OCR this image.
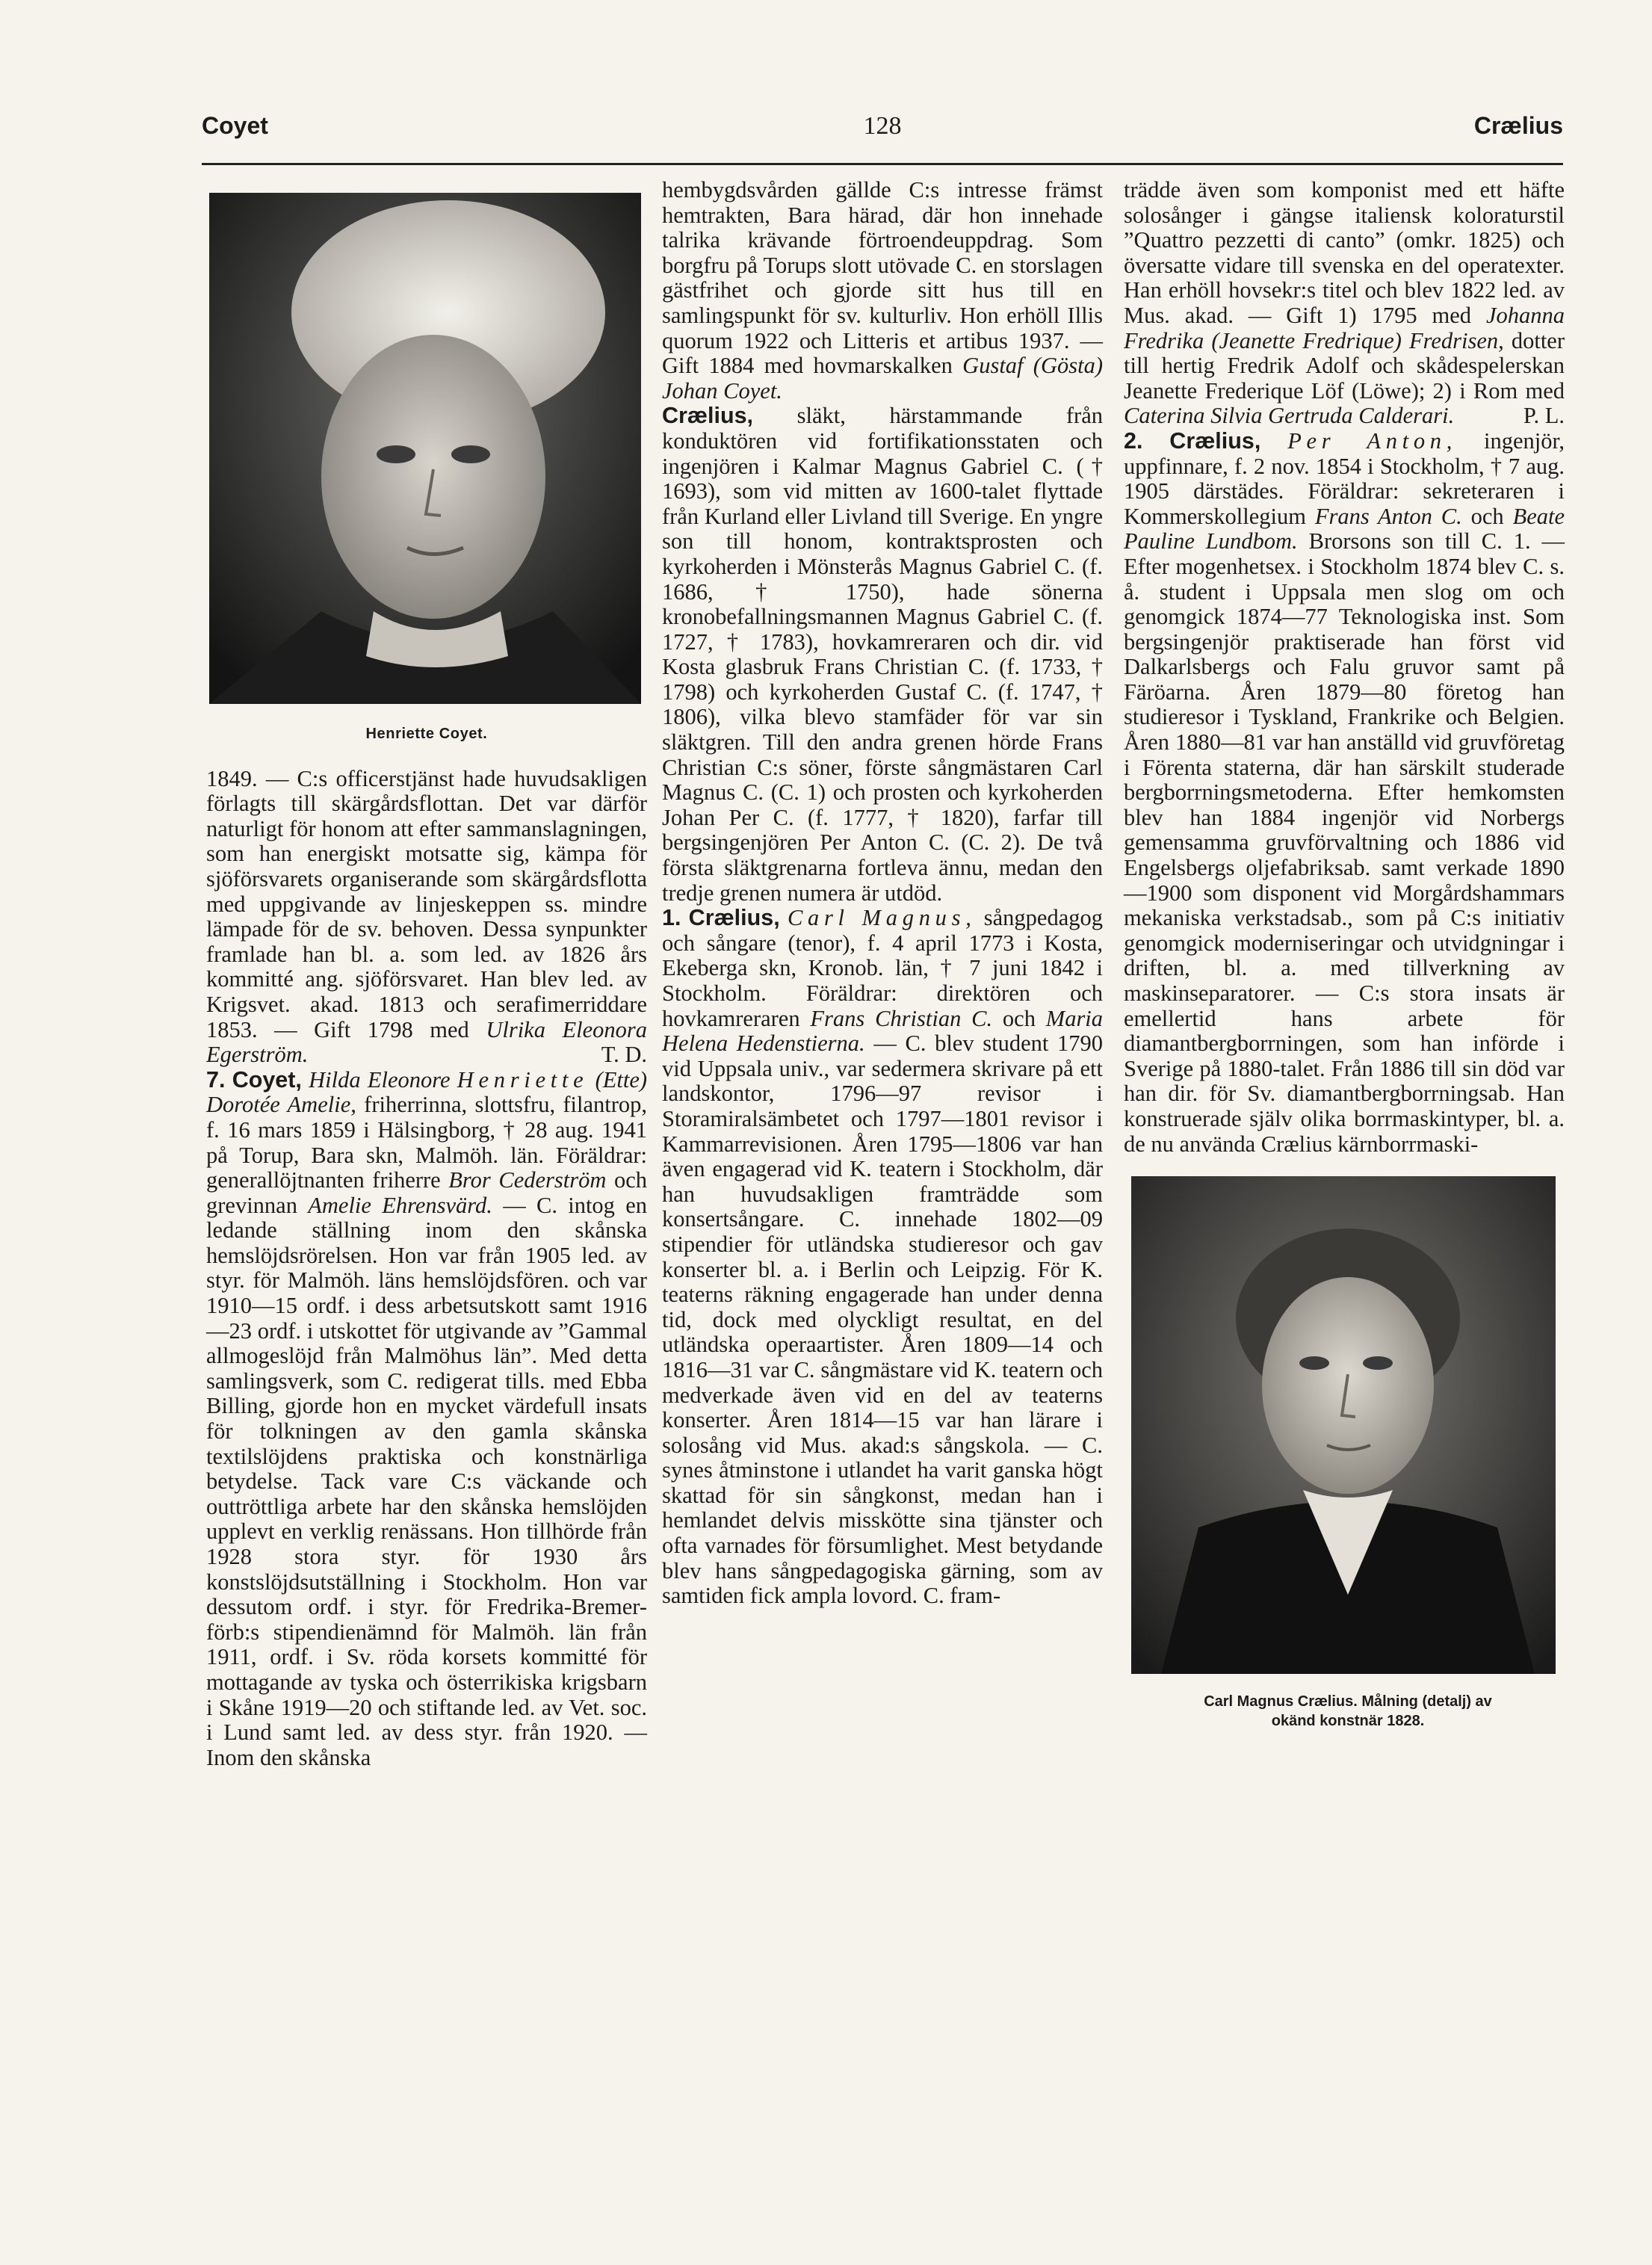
Coyet	128	Crælius
Henriette Coyet.

1849. — C:s officerstjänst hade huvudsakligen förlagts till skärgårdsflottan. Det var därför naturligt för honom att efter sammanslagningen, som han energiskt motsatte sig, kämpa för sjöförsvarets organiserande som skärgårdsflotta med uppgivande av linjeskeppen ss. mindre lämpade för de sv. behoven. Dessa synpunkter framlade han bl. a. som led. av 1826 års kommitté ang. sjöförsvaret. Han blev led. av Krigsvet. akad. 1813 och serafimerriddare 1853. — Gift 1798 med Ulrika Eleonora Egerström.	T. D.

7. Coyet, Hilda Eleonore Henriette (Ette) Dorotée Amelie, friherrinna, slottsfru, filantrop, f. 16 mars 1859 i Hälsingborg, † 28 aug. 1941 på Torup, Bara skn, Malmöh. län. Föräldrar: generallöjtnanten friherre Bror Cederström och grevinnan Amelie Ehrensvärd. — C. intog en ledande ställning inom den skånska hemslöjdsrörelsen. Hon var från 1905 led. av styr. för Malmöh. läns hemslöjdsfören. och var 1910—15 ordf. i dess arbetsutskott samt 1916—23 ordf. i utskottet för utgivande av ”Gammal allmogeslöjd från Malmöhus län”. Med detta samlingsverk, som C. redigerat tills. med Ebba Billing, gjorde hon en mycket värdefull insats för tolkningen av den gamla skånska textilslöjdens praktiska och konstnärliga betydelse. Tack vare C:s väckande och outtröttliga arbete har den skånska hemslöjden upplevt en verklig renässans. Hon tillhörde från 1928 stora styr. för 1930 års konstslöjdsutställning i Stockholm. Hon var dessutom ordf. i styr. för Fredrika-Bremer-förb:s stipendienämnd för Malmöh. län från 1911, ordf. i Sv. röda korsets kommitté för mottagande av tyska och österrikiska krigsbarn i Skåne 1919—20 och stiftande led. av Vet. soc. i Lund samt led. av dess styr. från 1920. — Inom den skånska

hembygdsvården gällde C:s intresse främst hemtrakten, Bara härad, där hon innehade talrika krävande förtroendeuppdrag. Som borgfru på Torups slott utövade C. en storslagen gästfrihet och gjorde sitt hus till en samlingspunkt för sv. kulturliv. Hon erhöll Illis quorum 1922 och Litteris et artibus 1937. — Gift 1884 med hovmarskalken Gustaf (Gösta) Johan Coyet.

Crælius, släkt, härstammande från konduktören vid fortifikationsstaten och ingenjören i Kalmar Magnus Gabriel C. († 1693), som vid mitten av 1600-talet flyttade från Kurland eller Livland till Sverige. En yngre son till honom, kontraktsprosten och kyrkoherden i Mönsterås Magnus Gabriel C. (f. 1686, † 1750), hade sönerna kronobefallningsmannen Magnus Gabriel C. (f. 1727, † 1783), hovkamreraren och dir. vid Kosta glasbruk Frans Christian C. (f. 1733, † 1798) och kyrkoherden Gustaf C. (f. 1747, † 1806), vilka blevo stamfäder för var sin släktgren. Till den andra grenen hörde Frans Christian C:s söner, förste sångmästaren Carl Magnus C. (C. 1) och prosten och kyrkoherden Johan Per C. (f. 1777, † 1820), farfar till bergsingenjören Per Anton C. (C. 2). De två första släktgrenarna fortleva ännu, medan den tredje grenen numera är utdöd.

1. Crælius, Carl Magnus, sångpedagog och sångare (tenor), f. 4 april 1773 i Kosta, Ekeberga skn, Kronob. län, † 7 juni 1842 i Stockholm. Föräldrar: direktören och hovkamreraren Frans Christian C. och Maria Helena Hedenstierna. — C. blev student 1790 vid Uppsala univ., var sedermera skrivare på ett landskontor, 1796—97 revisor i Storamiralsämbetet och 1797—1801 revisor i Kammarrevisionen. Åren 1795—1806 var han även engagerad vid K. teatern i Stockholm, där han huvudsakligen framträdde som konsertsångare. C. innehade 1802—09 stipendier för utländska studieresor och gav konserter bl. a. i Berlin och Leipzig. För K. teaterns räkning engagerade han under denna tid, dock med olyckligt resultat, en del utländska operaartister. Åren 1809—14 och 1816—31 var C. sångmästare vid K. teatern och medverkade även vid en del av teaterns konserter. Åren 1814—15 var han lärare i solosång vid Mus. akad:s sångskola. — C. synes åtminstone i utlandet ha varit ganska högt skattad för sin sångkonst, medan han i hemlandet delvis misskötte sina tjänster och ofta varnades för försumlighet. Mest betydande blev hans sångpedagogiska gärning, som av samtiden fick ampla lovord. C. fram-

trädde även som komponist med ett häfte solosånger i gängse italiensk koloraturstil ”Quattro pezzetti di canto” (omkr. 1825) och översatte vidare till svenska en del operatexter. Han erhöll hovsekr:s titel och blev 1822 led. av Mus. akad. — Gift 1) 1795 med Johanna Fredrika (Jeanette Fredrique) Fredrisen, dotter till hertig Fredrik Adolf och skådespelerskan Jeanette Frederique Löf (Löwe); 2) i Rom med Caterina Silvia Gertruda Calderari.	P. L.

2. Crælius, Per Anton, ingenjör, uppfinnare, f. 2 nov. 1854 i Stockholm, † 7 aug. 1905 därstädes. Föräldrar: sekreteraren i Kommerskollegium Frans Anton C. och Beate Pauline Lundbom. Brorsons son till C. 1. — Efter mogenhetsex. i Stockholm 1874 blev C. s. å. student i Uppsala men slog om och genomgick 1874—77 Teknologiska inst. Som bergsingenjör praktiserade han först vid Dalkarlsbergs och Falu gruvor samt på Färöarna. Åren 1879—80 företog han studieresor i Tyskland, Frankrike och Belgien. Åren 1880—81 var han anställd vid gruvföretag i Förenta staterna, där han särskilt studerade bergborrningsmetoderna. Efter hemkomsten blev han 1884 ingenjör vid Norbergs gemensamma gruvförvaltning och 1886 vid Engelsbergs oljefabriksab. samt verkade 1890—1900 som disponent vid Morgårdshammars mekaniska verkstadsab., som på C:s initiativ genomgick moderniseringar och utvidgningar i driften, bl. a. med tillverkning av maskinseparatorer. — C:s stora insats är emellertid hans arbete för diamantbergborrningen, som han införde i Sverige på 1880-talet. Från 1886 till sin död var han dir. för Sv. diamantbergborrningsab. Han konstruerade själv olika borrmaskintyper, bl. a. de nu använda Crælius kärnborrmaski-

Carl Magnus Crælius. Målning (detalj) av
okänd konstnär 1828.
